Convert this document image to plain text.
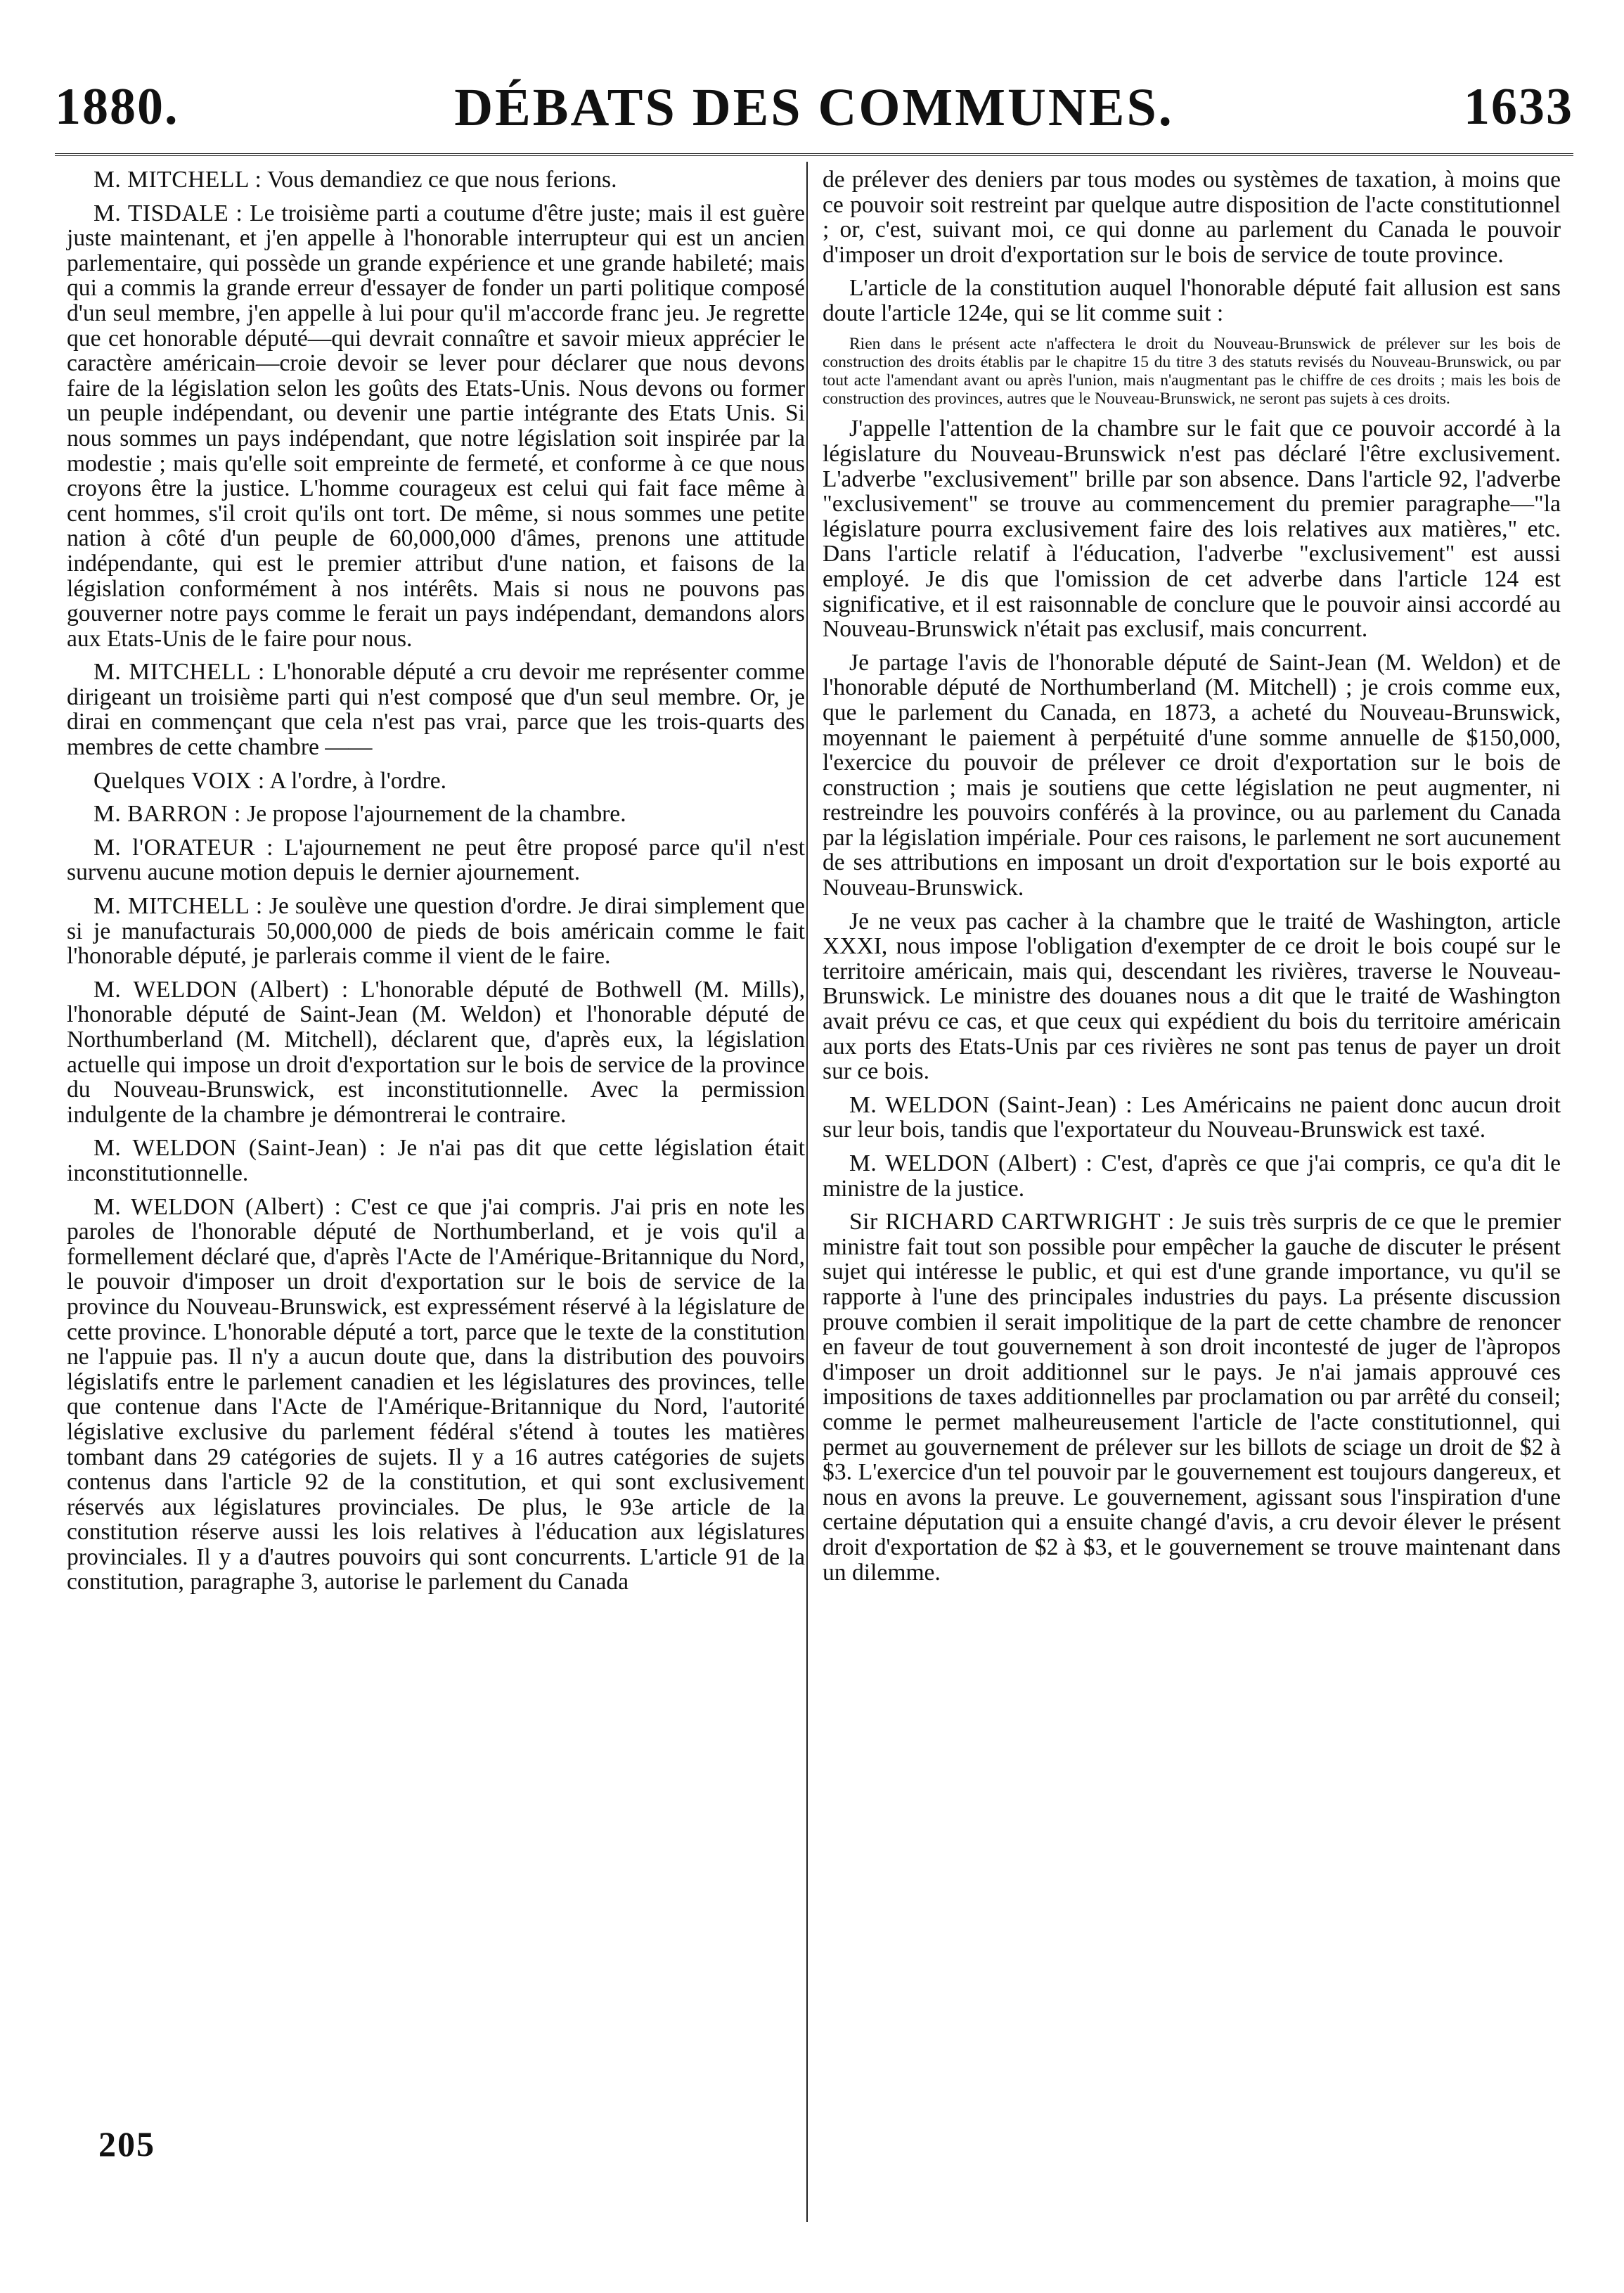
1880.	DÉBATS DES COMMUNES.	1633

M. MITCHELL : Vous demandiez ce que nous ferions.

M. TISDALE : Le troisième parti a coutume d'être juste; mais il est guère juste maintenant, et j'en appelle à l'honorable interrupteur qui est un ancien parlementaire, qui possède un grande expérience et une grande habileté; mais qui a commis la grande erreur d'essayer de fonder un parti politique composé d'un seul membre, j'en appelle à lui pour qu'il m'accorde franc jeu. Je regrette que cet honorable député—qui devrait connaître et savoir mieux apprécier le caractère américain—croie devoir se lever pour déclarer que nous devons faire de la législation selon les goûts des Etats-Unis. Nous devons ou former un peuple indépendant, ou devenir une partie intégrante des Etats Unis. Si nous sommes un pays indépendant, que notre législation soit inspirée par la modestie ; mais qu'elle soit empreinte de fermeté, et conforme à ce que nous croyons être la justice. L'homme courageux est celui qui fait face même à cent hommes, s'il croit qu'ils ont tort. De même, si nous sommes une petite nation à côté d'un peuple de 60,000,000 d'âmes, prenons une attitude indépendante, qui est le premier attribut d'une nation, et faisons de la législation conformément à nos intérêts. Mais si nous ne pouvons pas gouverner notre pays comme le ferait un pays indépendant, demandons alors aux Etats-Unis de le faire pour nous.

M. MITCHELL : L'honorable député a cru devoir me représenter comme dirigeant un troisième parti qui n'est composé que d'un seul membre. Or, je dirai en commençant que cela n'est pas vrai, parce que les trois-quarts des membres de cette chambre ——

Quelques VOIX : A l'ordre, à l'ordre.

M. BARRON : Je propose l'ajournement de la chambre.

M. l'ORATEUR : L'ajournement ne peut être proposé parce qu'il n'est survenu aucune motion depuis le dernier ajournement.

M. MITCHELL : Je soulève une question d'ordre. Je dirai simplement que si je manufacturais 50,000,000 de pieds de bois américain comme le fait l'honorable député, je parlerais comme il vient de le faire.

M. WELDON (Albert) : L'honorable député de Bothwell (M. Mills), l'honorable député de Saint-Jean (M. Weldon) et l'honorable député de Northumberland (M. Mitchell), déclarent que, d'après eux, la législation actuelle qui impose un droit d'exportation sur le bois de service de la province du Nouveau-Brunswick, est inconstitutionnelle. Avec la permission indulgente de la chambre je démontrerai le contraire.

M. WELDON (Saint-Jean) : Je n'ai pas dit que cette législation était inconstitutionnelle.

M. WELDON (Albert) : C'est ce que j'ai compris. J'ai pris en note les paroles de l'honorable député de Northumberland, et je vois qu'il a formellement déclaré que, d'après l'Acte de l'Amérique-Britannique du Nord, le pouvoir d'imposer un droit d'exportation sur le bois de service de la province du Nouveau-Brunswick, est expressément réservé à la législature de cette province. L'honorable député a tort, parce que le texte de la constitution ne l'appuie pas. Il n'y a aucun doute que, dans la distribution des pouvoirs législatifs entre le parlement canadien et les législatures des provinces, telle que contenue dans l'Acte de l'Amérique-Britannique du Nord, l'autorité législative exclusive du parlement fédéral s'étend à toutes les matières tombant dans 29 catégories de sujets. Il y a 16 autres catégories de sujets contenus dans l'article 92 de la constitution, et qui sont exclusivement réservés aux législatures provinciales. De plus, le 93e article de la constitution réserve aussi les lois relatives à l'éducation aux législatures provinciales. Il y a d'autres pouvoirs qui sont concurrents. L'article 91 de la constitution, paragraphe 3, autorise le parlement du Canada

de prélever des deniers par tous modes ou systèmes de taxation, à moins que ce pouvoir soit restreint par quelque autre disposition de l'acte constitutionnel ; or, c'est, suivant moi, ce qui donne au parlement du Canada le pouvoir d'imposer un droit d'exportation sur le bois de service de toute province.

L'article de la constitution auquel l'honorable député fait allusion est sans doute l'article 124e, qui se lit comme suit :

Rien dans le présent acte n'affectera le droit du Nouveau-Brunswick de prélever sur les bois de construction des droits établis par le chapitre 15 du titre 3 des statuts revisés du Nouveau-Brunswick, ou par tout acte l'amendant avant ou après l'union, mais n'augmentant pas le chiffre de ces droits ; mais les bois de construction des provinces, autres que le Nouveau-Brunswick, ne seront pas sujets à ces droits.

J'appelle l'attention de la chambre sur le fait que ce pouvoir accordé à la législature du Nouveau-Brunswick n'est pas déclaré l'être exclusivement. L'adverbe "exclusivement" brille par son absence. Dans l'article 92, l'adverbe "exclusivement" se trouve au commencement du premier paragraphe—"la législature pourra exclusivement faire des lois relatives aux matières," etc. Dans l'article relatif à l'éducation, l'adverbe "exclusivement" est aussi employé. Je dis que l'omission de cet adverbe dans l'article 124 est significative, et il est raisonnable de conclure que le pouvoir ainsi accordé au Nouveau-Brunswick n'était pas exclusif, mais concurrent.

Je partage l'avis de l'honorable député de Saint-Jean (M. Weldon) et de l'honorable député de Northumberland (M. Mitchell) ; je crois comme eux, que le parlement du Canada, en 1873, a acheté du Nouveau-Brunswick, moyennant le paiement à perpétuité d'une somme annuelle de $150,000, l'exercice du pouvoir de prélever ce droit d'exportation sur le bois de construction ; mais je soutiens que cette législation ne peut augmenter, ni restreindre les pouvoirs conférés à la province, ou au parlement du Canada par la législation impériale. Pour ces raisons, le parlement ne sort aucunement de ses attributions en imposant un droit d'exportation sur le bois exporté au Nouveau-Brunswick.

Je ne veux pas cacher à la chambre que le traité de Washington, article XXXI, nous impose l'obligation d'exempter de ce droit le bois coupé sur le territoire américain, mais qui, descendant les rivières, traverse le Nouveau-Brunswick. Le ministre des douanes nous a dit que le traité de Washington avait prévu ce cas, et que ceux qui expédient du bois du territoire américain aux ports des Etats-Unis par ces rivières ne sont pas tenus de payer un droit sur ce bois.

M. WELDON (Saint-Jean) : Les Américains ne paient donc aucun droit sur leur bois, tandis que l'exportateur du Nouveau-Brunswick est taxé.

M. WELDON (Albert) : C'est, d'après ce que j'ai compris, ce qu'a dit le ministre de la justice.

Sir RICHARD CARTWRIGHT : Je suis très surpris de ce que le premier ministre fait tout son possible pour empêcher la gauche de discuter le présent sujet qui intéresse le public, et qui est d'une grande importance, vu qu'il se rapporte à l'une des principales industries du pays. La présente discussion prouve combien il serait impolitique de la part de cette chambre de renoncer en faveur de tout gouvernement à son droit incontesté de juger de l'àpropos d'imposer un droit additionnel sur le pays. Je n'ai jamais approuvé ces impositions de taxes additionnelles par proclamation ou par arrêté du conseil; comme le permet malheureusement l'article de l'acte constitutionnel, qui permet au gouvernement de prélever sur les billots de sciage un droit de $2 à $3. L'exercice d'un tel pouvoir par le gouvernement est toujours dangereux, et nous en avons la preuve. Le gouvernement, agissant sous l'inspiration d'une certaine députation qui a ensuite changé d'avis, a cru devoir élever le présent droit d'exportation de $2 à $3, et le gouvernement se trouve maintenant dans un dilemme.

205
